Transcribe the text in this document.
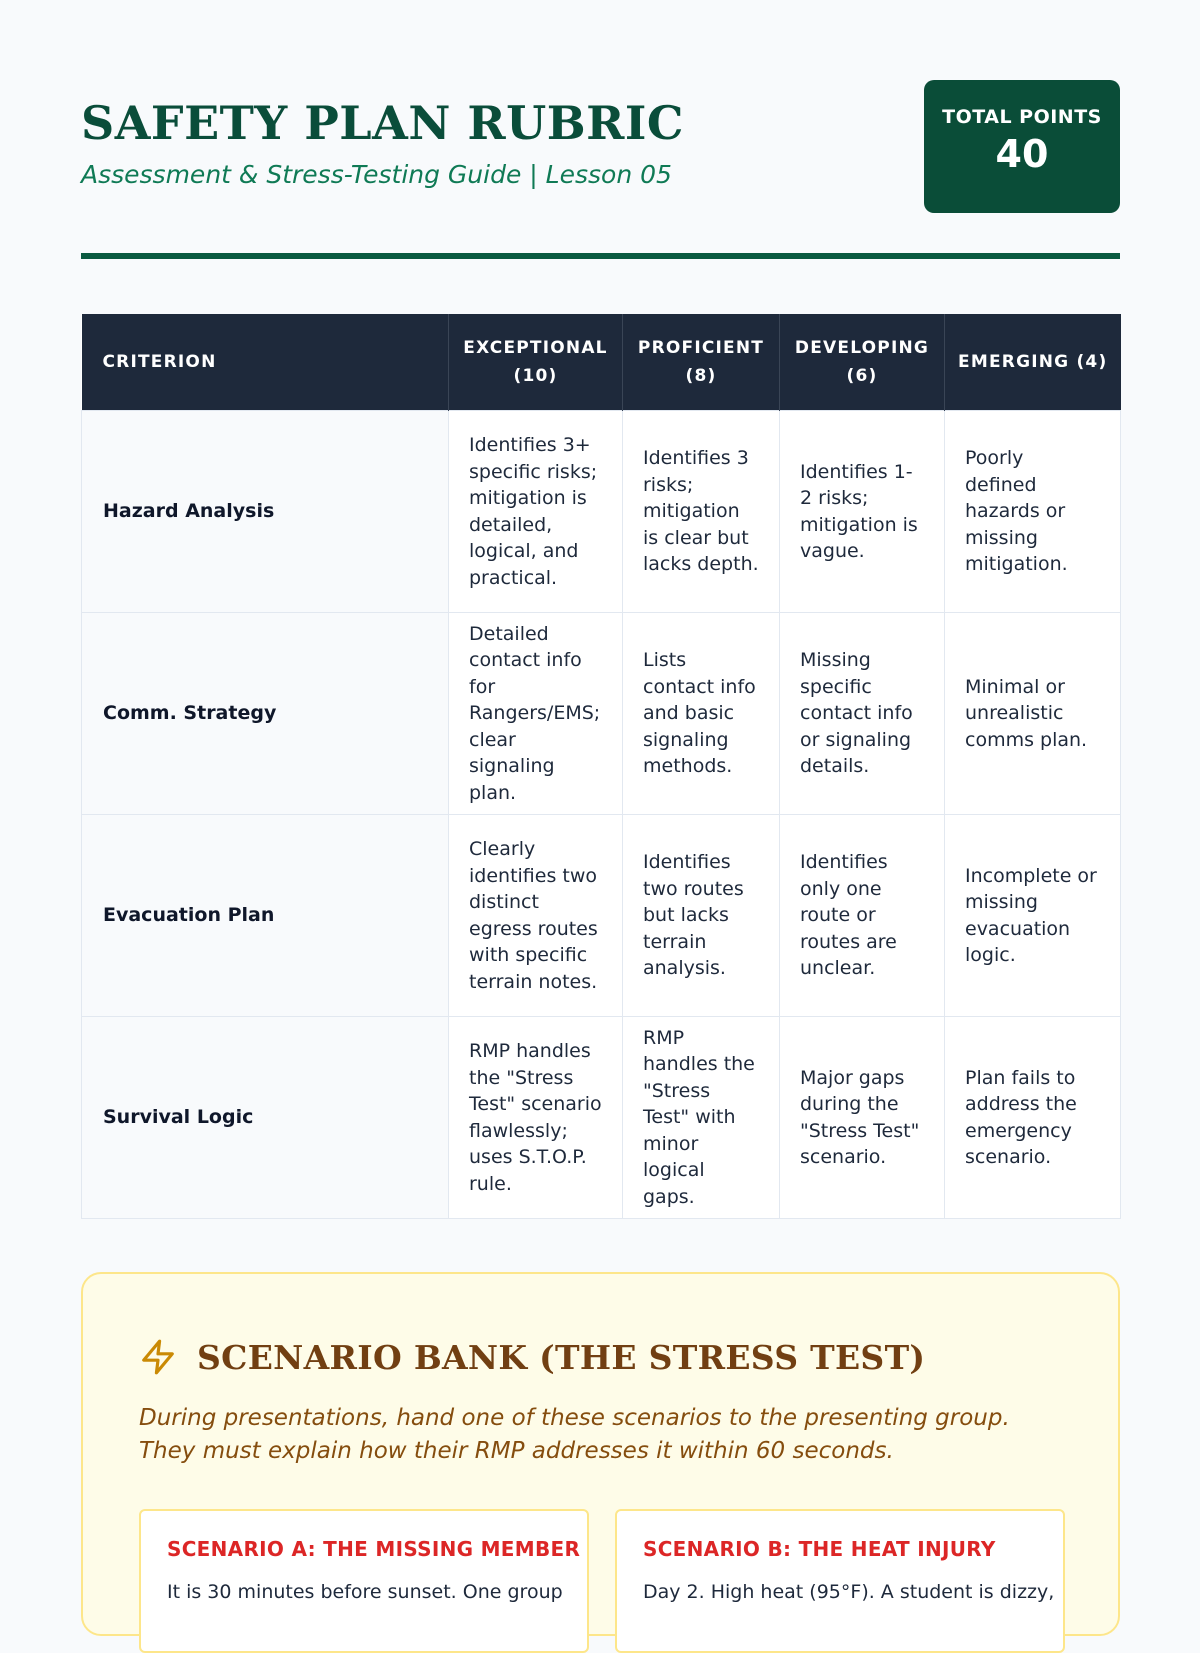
SAFETY PLAN RUBRIC

Assessment & Stress-Testing Guide | Lesson 05

TOTAL POINTS
40
CRITERION	EXCEPTIONAL (10)	PROFICIENT (8)	DEVELOPING (6)	EMERGING (4)
Hazard Analysis	Identifies 3+ specific risks; mitigation is detailed, logical, and practical.	Identifies 3 risks; mitigation is clear but lacks depth.	Identifies 1-2 risks; mitigation is vague.	Poorly defined hazards or missing mitigation.
Comm. Strategy	Detailed contact info for Rangers/EMS; clear signaling plan.	Lists contact info and basic signaling methods.	Missing specific contact info or signaling details.	Minimal or unrealistic comms plan.
Evacuation Plan	Clearly identifies two distinct egress routes with specific terrain notes.	Identifies two routes but lacks terrain analysis.	Identifies only one route or routes are unclear.	Incomplete or missing evacuation logic.
Survival Logic	RMP handles the "Stress Test" scenario flawlessly; uses S.T.O.P. rule.	RMP handles the "Stress Test" with minor logical gaps.	Major gaps during the "Stress Test" scenario.	Plan fails to address the emergency scenario.
SCENARIO BANK (THE STRESS TEST)

During presentations, hand one of these scenarios to the presenting group. They must explain how their RMP addresses it within 60 seconds.

SCENARIO A: THE MISSING MEMBER
It is 30 minutes before sunset. One group
SCENARIO B: THE HEAT INJURY
Day 2. High heat (95°F). A student is dizzy,
